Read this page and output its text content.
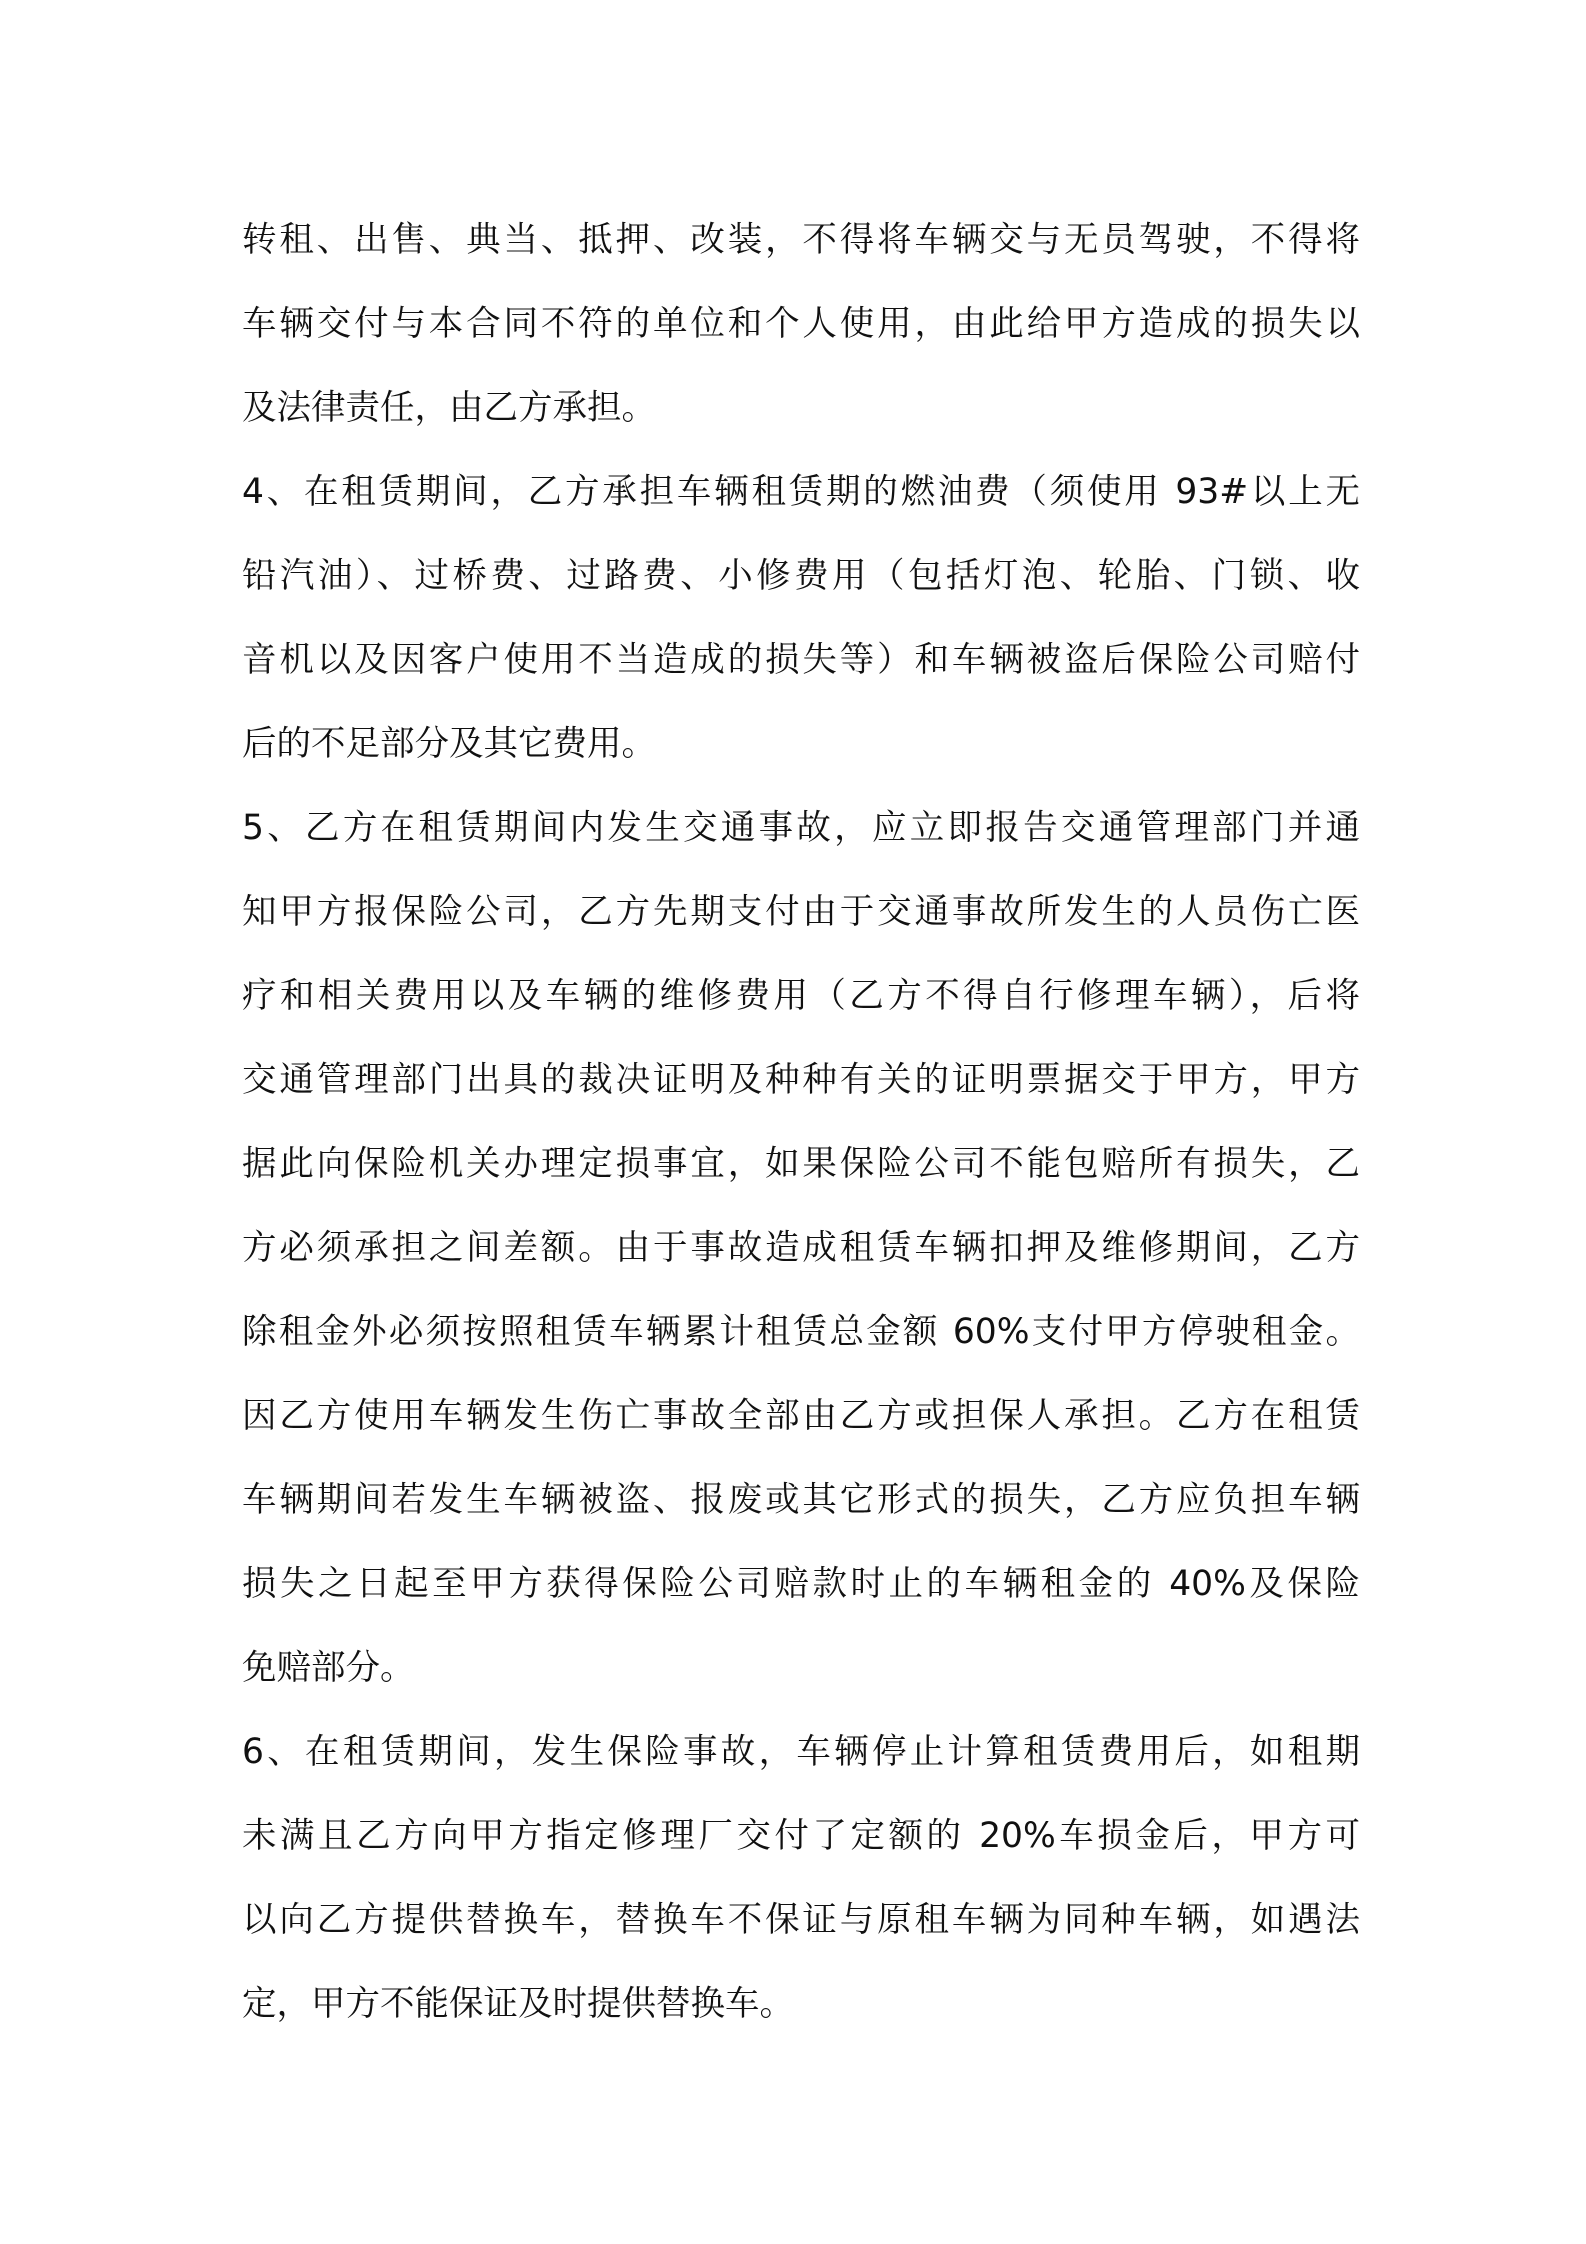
转租、出售、典当、抵押、改装，不得将车辆交与无员驾驶，不得将
车辆交付与本合同不符的单位和个人使用，由此给甲方造成的损失以
及法律责任，由乙方承担。
4、在租赁期间，乙方承担车辆租赁期的燃油费（须使用 93#以上无
铅汽油）、过桥费、过路费、小修费用（包括灯泡、轮胎、门锁、收
音机以及因客户使用不当造成的损失等）和车辆被盗后保险公司赔付
后的不足部分及其它费用。
5、乙方在租赁期间内发生交通事故，应立即报告交通管理部门并通
知甲方报保险公司，乙方先期支付由于交通事故所发生的人员伤亡医
疗和相关费用以及车辆的维修费用（乙方不得自行修理车辆），后将
交通管理部门出具的裁决证明及种种有关的证明票据交于甲方，甲方
据此向保险机关办理定损事宜，如果保险公司不能包赔所有损失，乙
方必须承担之间差额。由于事故造成租赁车辆扣押及维修期间，乙方
除租金外必须按照租赁车辆累计租赁总金额 60%支付甲方停驶租金。
因乙方使用车辆发生伤亡事故全部由乙方或担保人承担。乙方在租赁
车辆期间若发生车辆被盗、报废或其它形式的损失，乙方应负担车辆
损失之日起至甲方获得保险公司赔款时止的车辆租金的 40%及保险
免赔部分。
6、在租赁期间，发生保险事故，车辆停止计算租赁费用后，如租期
未满且乙方向甲方指定修理厂交付了定额的 20%车损金后，甲方可
以向乙方提供替换车，替换车不保证与原租车辆为同种车辆，如遇法
定，甲方不能保证及时提供替换车。
